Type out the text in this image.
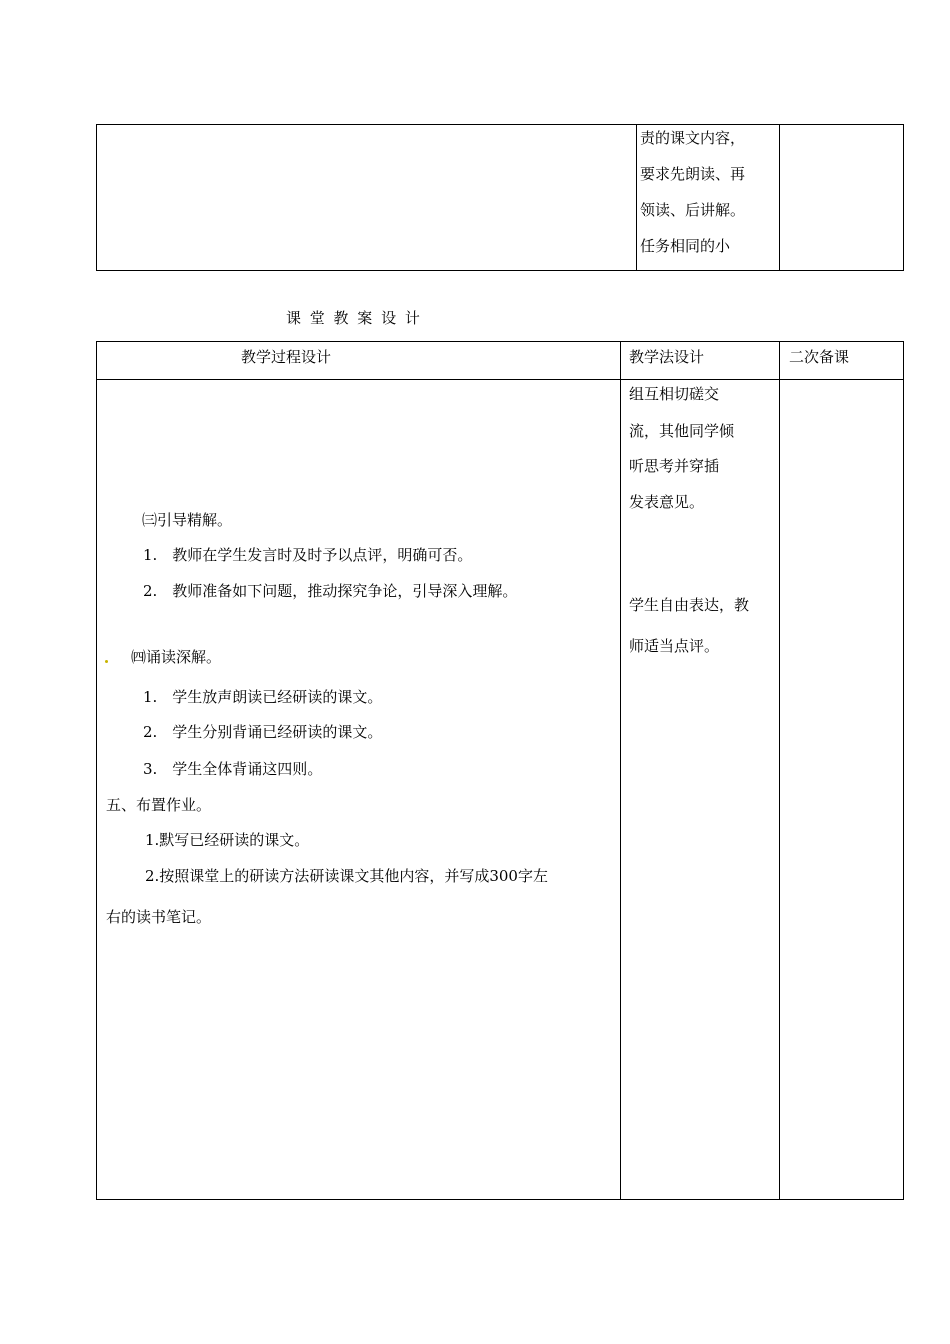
责的课文内容，
要求先朗读、再
领读、后讲解。
任务相同的小
课 堂 教 案 设 计
教学过程设计	教学法设计	二次备课
㈢引导精解。
1.　教师在学生发言时及时予以点评，明确可否。
2.　教师准备如下问题，推动探究争论，引导深入理解。
㈣诵读深解。
1.　学生放声朗读已经研读的课文。
2.　学生分别背诵已经研读的课文。
3.　学生全体背诵这四则。
五、布置作业。
1.默写已经研读的课文。
2.按照课堂上的研读方法研读课文其他内容，并写成300字左
右的读书笔记。
组互相切磋交
流，其他同学倾
听思考并穿插
发表意见。
学生自由表达，教
师适当点评。
